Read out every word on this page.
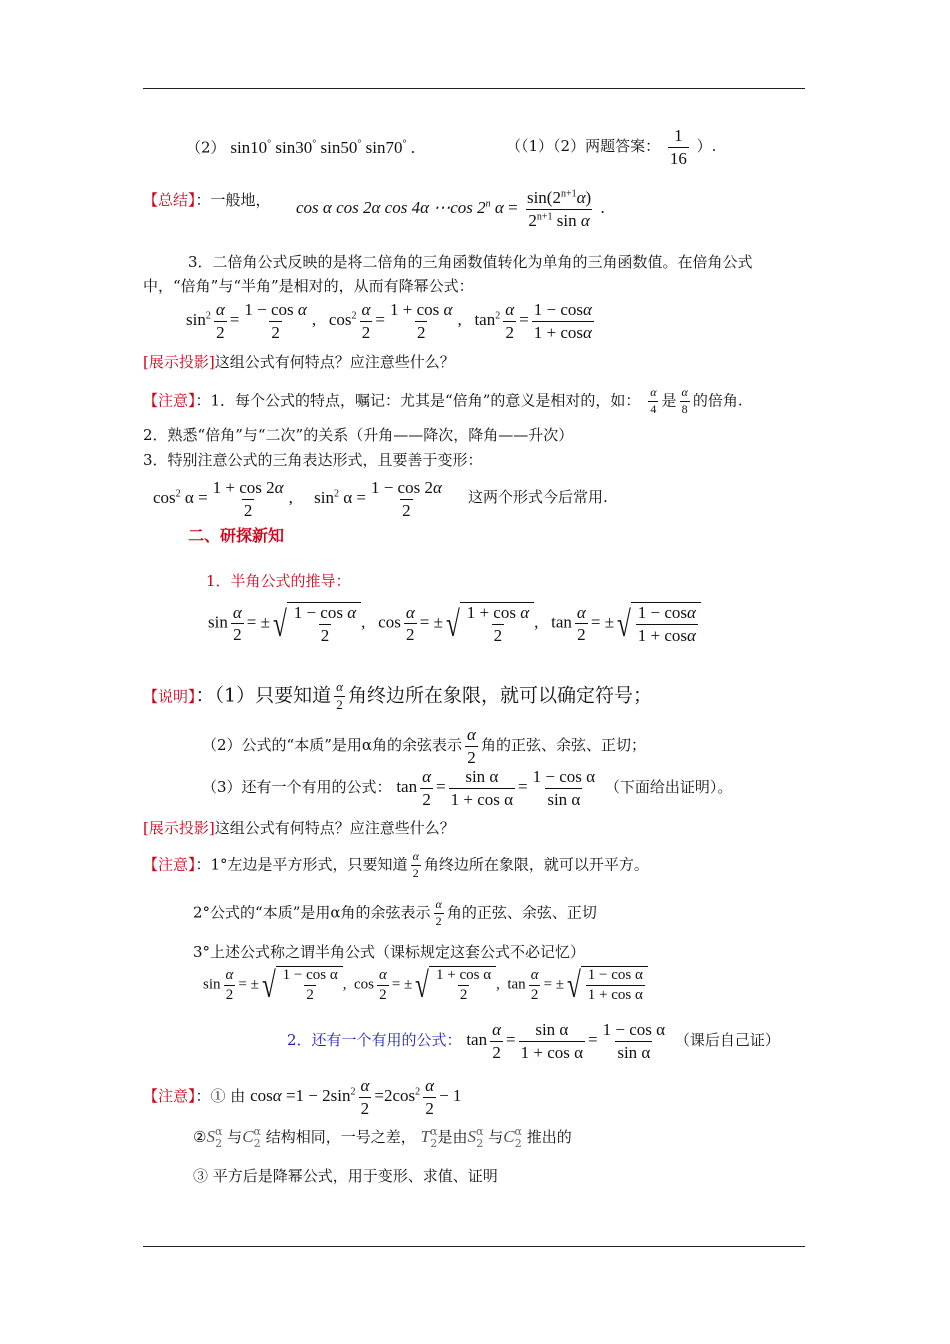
（2） sin10° sin30° sin50° sin70° .	（（1）（2）两题答案： $\frac{1}{16}$ ）.
【总结】：一般地， cos α cos 2α cos 4α ⋯cos 2$^n$ $\alpha = \frac{\sin(2^{n+1}\alpha)}{2^{n+1} \sin \alpha}$ .
3．二倍角公式反映的是将二倍角的三角函数值转化为单角的三角函数值。在倍角公式
中，“倍角”与“半角”是相对的，从而有降幂公式：
$\sin^2 \frac{\alpha}{2} = \frac{\text{1 − cos α}}{2}$ ,   $\cos^2 \frac{\alpha}{2} = \frac{\text{1 + cos α}}{2}$ ,   $\tan^2 \frac{\alpha}{2} = \frac{1 - \cos\alpha}{1 + \cos\alpha}$
[展示投影]这组公式有何特点？应注意些什么？
【注意】：1．每个公式的特点，嘱记：尤其是“倍角”的意义是相对的，如： $\frac{\alpha}{4}$ 是 $\frac{\alpha}{8}$ 的倍角.
2．熟悉“倍角”与“二次”的关系（升角——降次，降角——升次）
3．特别注意公式的三角表达形式，且要善于变形：
$\cos^2 \alpha = \frac{1 + \cos 2\alpha}{2}$ ,     $\sin^2 \alpha = \frac{1 - \cos 2\alpha}{2}$ 这两个形式今后常用.
二、研探新知
1．半角公式的推导：
$\sin \frac{\alpha}{2}$ = ± √ $\frac{\text{1 − cos α}}{2}$ ,   $\cos \frac{\alpha}{2}$ = ± √ $\frac{\text{1 + cos α}}{2}$ ,   $\tan \frac{\alpha}{2}$ = ± √ $\frac{1 - \cos\alpha}{1 + \cos\alpha}$
【说明】：（1）只要知道 $\frac{\alpha}{2}$ 角终边所在象限，就可以确定符号；
（2）公式的“本质”是用α角的余弦表示 $\frac{\alpha}{2}$ 角的正弦、余弦、正切；
（3）还有一个有用的公式： $\tan \frac{\alpha}{2} = \frac{\text{sin α}}{\text{1 + cos α}} = \frac{\text{1 − cos α}}{\text{sin α}}$ （下面给出证明）。
[展示投影]这组公式有何特点？应注意些什么？
【注意】：1°左边是平方形式，只要知道 $\frac{\alpha}{2}$ 角终边所在象限，就可以开平方。
2°公式的“本质”是用α角的余弦表示 $\frac{\alpha}{2}$ 角的正弦、余弦、正切
3°上述公式称之谓半角公式（课标规定这套公式不必记忆）
$\sin \frac{\alpha}{2}$ = ± √ $\frac{\text{1 − cos α}}{2}$ ,  $\cos \frac{\alpha}{2}$ = ± √ $\frac{\text{1 + cos α}}{2}$ ,  $\tan \frac{\alpha}{2}$ = ± √ $\frac{\text{1 − cos α}}{\text{1 + cos α}}$
2．还有一个有用的公式： $\tan \frac{\alpha}{2} = \frac{\text{sin α}}{\text{1 + cos α}} = \frac{\text{1 − cos α}}{\text{sin α}}$ （课后自己证）
【注意】：① 由 $\cos\alpha =1 - 2\sin^2 \frac{\alpha}{2} =2\cos^2 \frac{\alpha}{2} - 1$
②S α
2 与C α
2 结构相同，一号之差， T α
2 是由S α
2 与C α
2 推出的
③ 平方后是降幂公式，用于变形、求值、证明
